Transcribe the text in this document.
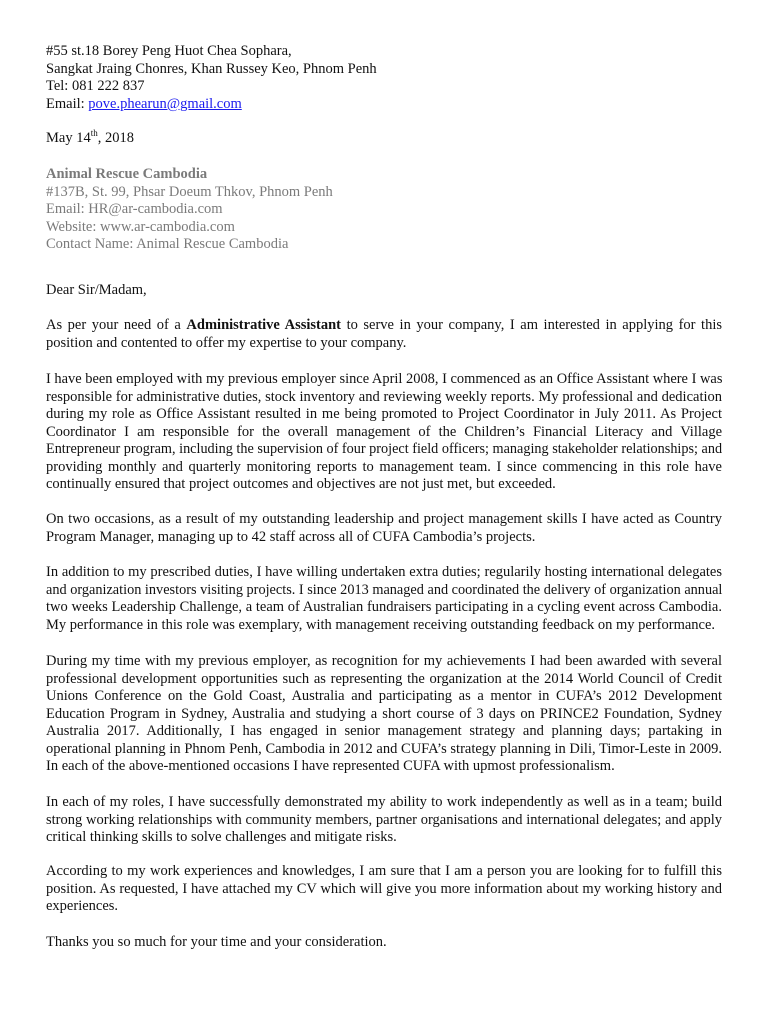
#55 st.18 Borey Peng Huot Chea Sophara,
Sangkat Jraing Chonres, Khan Russey Keo, Phnom Penh
Tel: 081 222 837
Email: pove.phearun@gmail.com
May 14th, 2018
Animal Rescue Cambodia
#137B, St. 99, Phsar Doeum Thkov, Phnom Penh
Email: HR@ar-cambodia.com
Website: www.ar-cambodia.com
Contact Name: Animal Rescue Cambodia
Dear Sir/Madam,
As per your need of a Administrative Assistant to serve in your company, I am interested in applying for this
position and contented to offer my expertise to your company.
I have been employed with my previous employer since April 2008, I commenced as an Office Assistant where I was
responsible for administrative duties, stock inventory and reviewing weekly reports. My professional and dedication
during my role as Office Assistant resulted in me being promoted to Project Coordinator in July 2011. As Project
Coordinator I am responsible for the overall management of the Children’s Financial Literacy and Village
Entrepreneur program, including the supervision of four project field officers; managing stakeholder relationships; and
providing monthly and quarterly monitoring reports to management team. I since commencing in this role have
continually ensured that project outcomes and objectives are not just met, but exceeded.
On two occasions, as a result of my outstanding leadership and project management skills I have acted as Country
Program Manager, managing up to 42 staff across all of CUFA Cambodia’s projects.
In addition to my prescribed duties, I have willing undertaken extra duties; regularily hosting international delegates
and organization investors visiting projects. I since 2013 managed and coordinated the delivery of organization annual
two weeks Leadership Challenge, a team of Australian fundraisers participating in a cycling event across Cambodia.
My performance in this role was exemplary, with management receiving outstanding feedback on my performance.
During my time with my previous employer, as recognition for my achievements I had been awarded with several
professional development opportunities such as representing the organization at the 2014 World Council of Credit
Unions Conference on the Gold Coast, Australia and participating as a mentor in CUFA’s 2012 Development
Education Program in Sydney, Australia and studying a short course of 3 days on PRINCE2 Foundation, Sydney
Australia 2017. Additionally, I has engaged in senior management strategy and planning days; partaking in
operational planning in Phnom Penh, Cambodia in 2012 and CUFA’s strategy planning in Dili, Timor-Leste in 2009.
In each of the above-mentioned occasions I have represented CUFA with upmost professionalism.
In each of my roles, I have successfully demonstrated my ability to work independently as well as in a team; build
strong working relationships with community members, partner organisations and international delegates; and apply
critical thinking skills to solve challenges and mitigate risks.
According to my work experiences and knowledges, I am sure that I am a person you are looking for to fulfill this
position. As requested, I have attached my CV which will give you more information about my working history and
experiences.
Thanks you so much for your time and your consideration.
